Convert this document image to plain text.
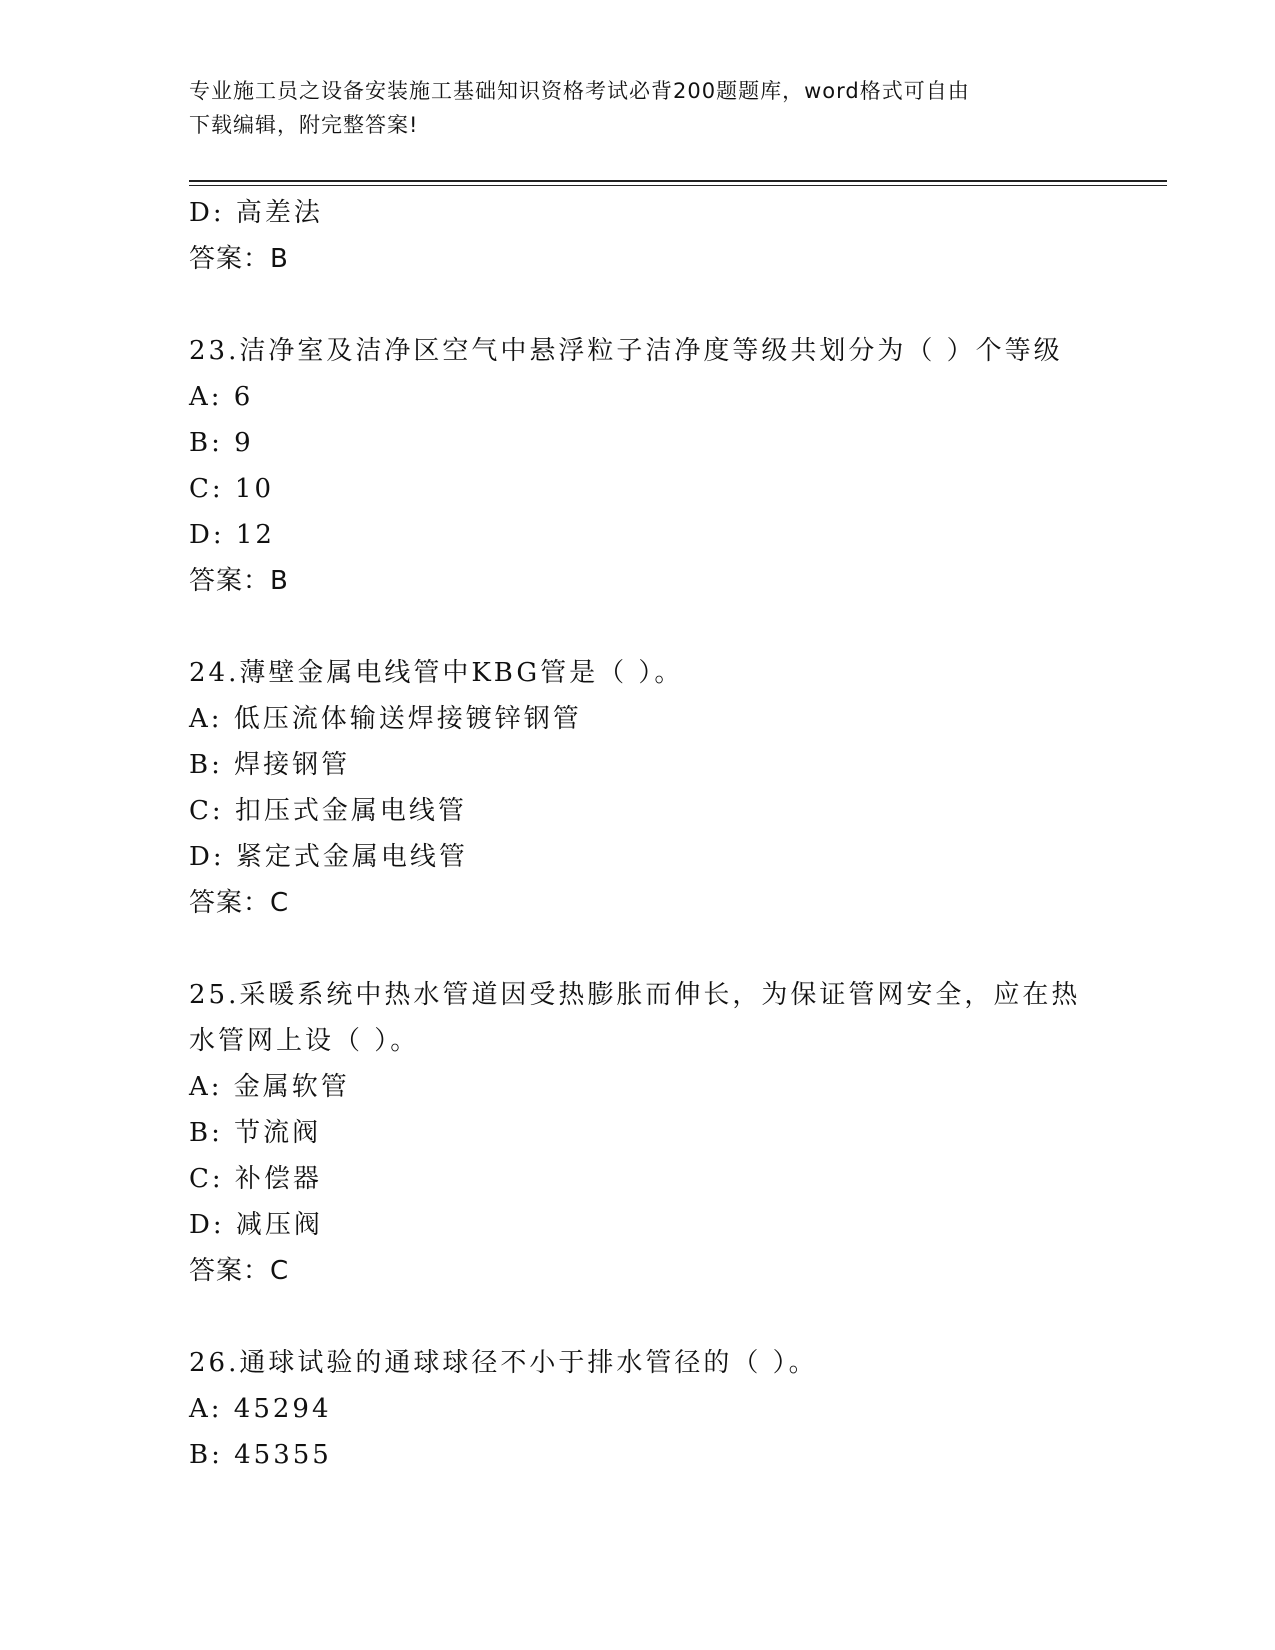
专业施工员之设备安装施工基础知识资格考试必背200题题库，word格式可自由
下载编辑，附完整答案!
D: 高差法
答案：B
23.洁净室及洁净区空气中悬浮粒子洁净度等级共划分为（ ）个等级
A: 6
B: 9
C: 10
D: 12
答案：B
24.薄壁金属电线管中KBG管是（ ）。
A: 低压流体输送焊接镀锌钢管
B: 焊接钢管
C: 扣压式金属电线管
D: 紧定式金属电线管
答案：C
25.采暖系统中热水管道因受热膨胀而伸长，为保证管网安全，应在热
水管网上设（ ）。
A: 金属软管
B: 节流阀
C: 补偿器
D: 减压阀
答案：C
26.通球试验的通球球径不小于排水管径的（ ）。
A: 45294
B: 45355
